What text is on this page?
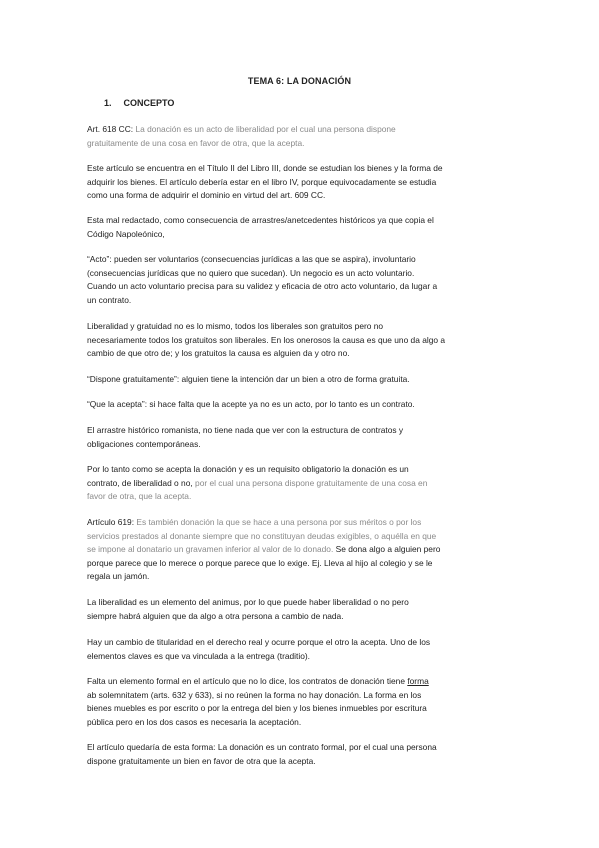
TEMA 6: LA DONACIÓN
1. CONCEPTO
Art. 618 CC: La donación es un acto de liberalidad por el cual una persona dispone
gratuitamente de una cosa en favor de otra, que la acepta.
Este artículo se encuentra en el Título II del Libro III, donde se estudian los bienes y la forma de
adquirir los bienes. El artículo debería estar en el libro IV, porque equivocadamente se estudia
como una forma de adquirir el dominio en virtud del art. 609 CC.
Esta mal redactado, como consecuencia de arrastres/anetcedentes históricos ya que copia el
Código Napoleónico,
“Acto”: pueden ser voluntarios (consecuencias jurídicas a las que se aspira), involuntario
(consecuencias jurídicas que no quiero que sucedan). Un negocio es un acto voluntario.
Cuando un acto voluntario precisa para su validez y eficacia de otro acto voluntario, da lugar a
un contrato.
Liberalidad y gratuidad no es lo mismo, todos los liberales son gratuitos pero no
necesariamente todos los gratuitos son liberales. En los onerosos la causa es que uno da algo a
cambio de que otro de; y los gratuitos la causa es alguien da y otro no.
“Dispone gratuitamente”: alguien tiene la intención dar un bien a otro de forma gratuita.
“Que la acepta”: si hace falta que la acepte ya no es un acto, por lo tanto es un contrato.
El arrastre histórico romanista, no tiene nada que ver con la estructura de contratos y
obligaciones contemporáneas.
Por lo tanto como se acepta la donación y es un requisito obligatorio la donación es un
contrato, de liberalidad o no, por el cual una persona dispone gratuitamente de una cosa en
favor de otra, que la acepta.
Artículo 619: Es también donación la que se hace a una persona por sus méritos o por los
servicios prestados al donante siempre que no constituyan deudas exigibles, o aquélla en que
se impone al donatario un gravamen inferior al valor de lo donado. Se dona algo a alguien pero
porque parece que lo merece o porque parece que lo exige. Ej. Lleva al hijo al colegio y se le
regala un jamón.
La liberalidad es un elemento del animus, por lo que puede haber liberalidad o no pero
siempre habrá alguien que da algo a otra persona a cambio de nada.
Hay un cambio de titularidad en el derecho real y ocurre porque el otro la acepta. Uno de los
elementos claves es que va vinculada a la entrega (traditio).
Falta un elemento formal en el artículo que no lo dice, los contratos de donación tiene forma
ab solemnitatem (arts. 632 y 633), si no reúnen la forma no hay donación. La forma en los
bienes muebles es por escrito o por la entrega del bien y los bienes inmuebles por escritura
pública pero en los dos casos es necesaria la aceptación.
El artículo quedaría de esta forma: La donación es un contrato formal, por el cual una persona
dispone gratuitamente un bien en favor de otra que la acepta.
